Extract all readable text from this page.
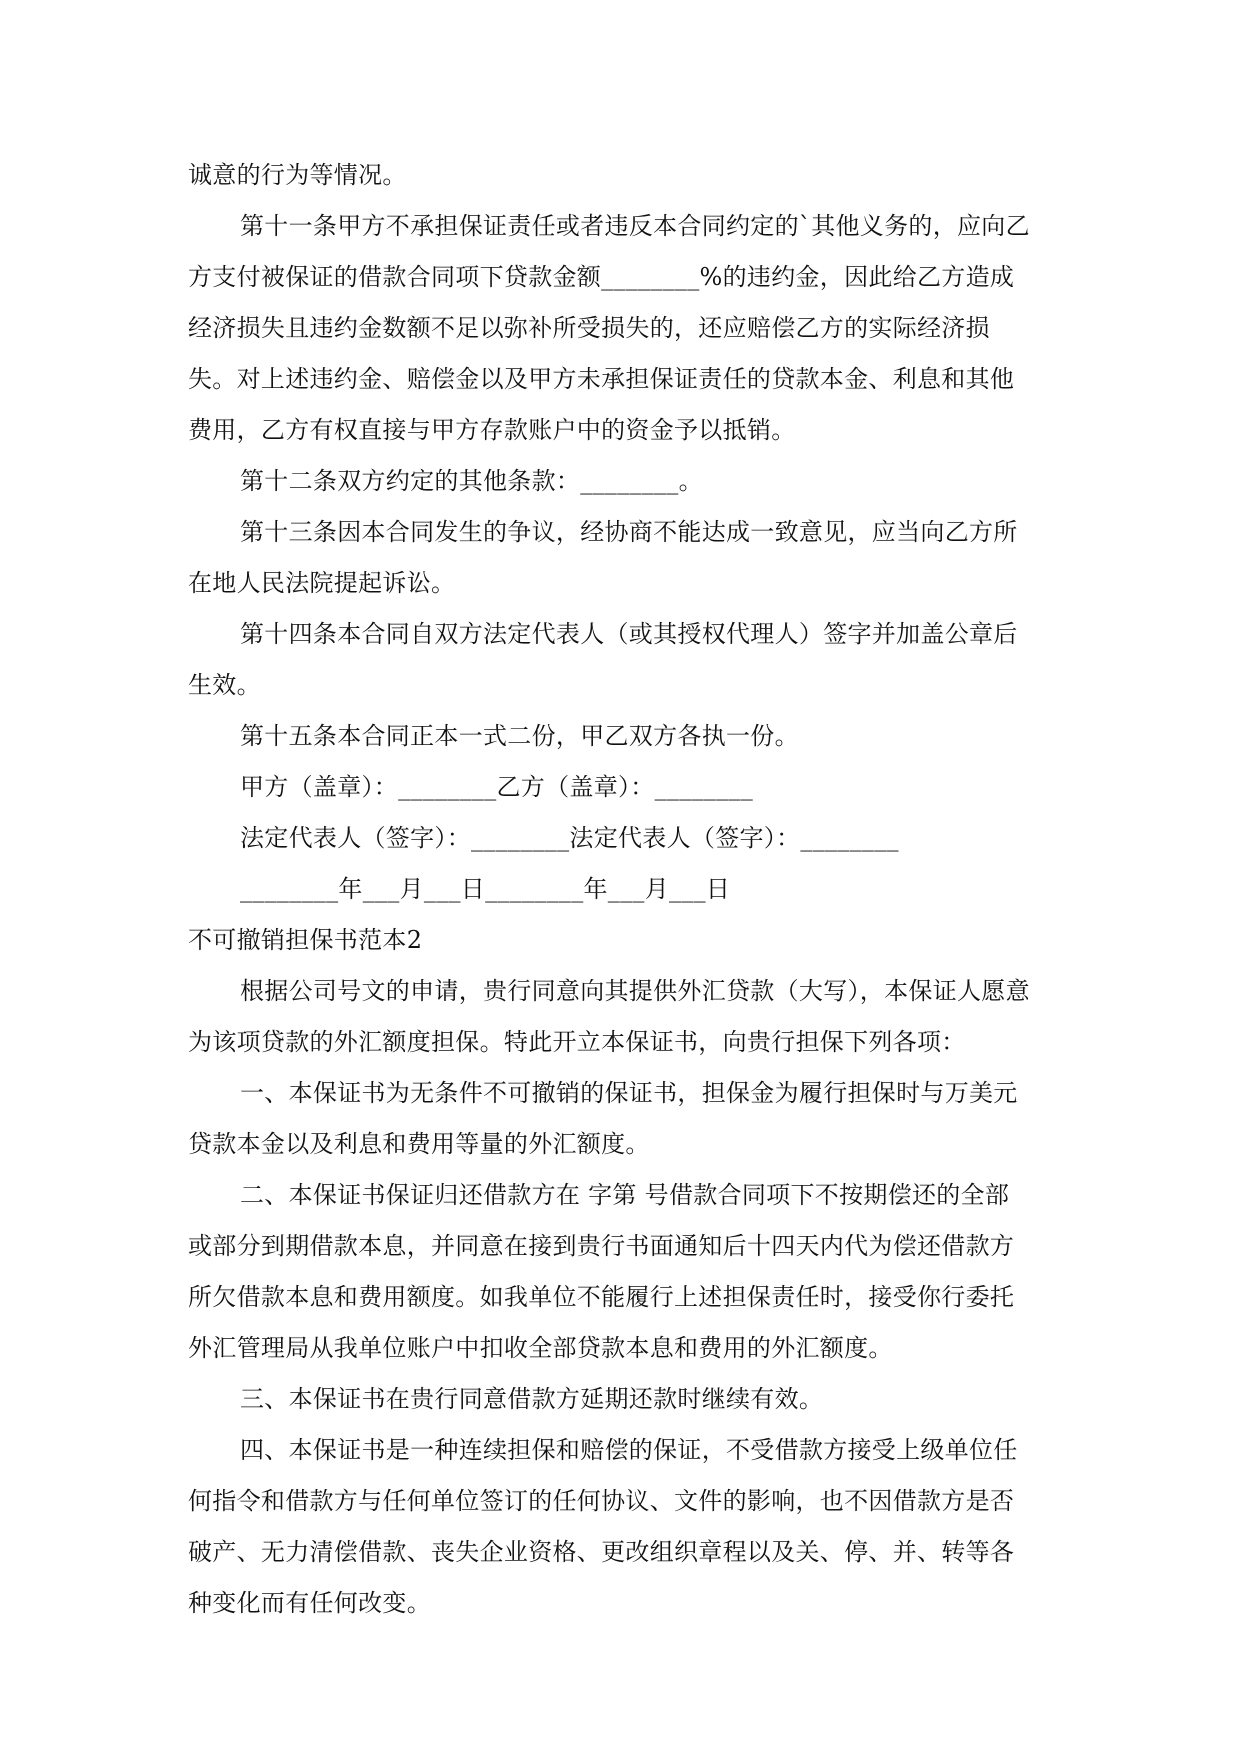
诚意的行为等情况。
第十一条甲方不承担保证责任或者违反本合同约定的`其他义务的，应向乙
方支付被保证的借款合同项下贷款金额________%的违约金，因此给乙方造成
经济损失且违约金数额不足以弥补所受损失的，还应赔偿乙方的实际经济损
失。对上述违约金、赔偿金以及甲方未承担保证责任的贷款本金、利息和其他
费用，乙方有权直接与甲方存款账户中的资金予以抵销。
第十二条双方约定的其他条款：________。
第十三条因本合同发生的争议，经协商不能达成一致意见，应当向乙方所
在地人民法院提起诉讼。
第十四条本合同自双方法定代表人（或其授权代理人）签字并加盖公章后
生效。
第十五条本合同正本一式二份，甲乙双方各执一份。
甲方（盖章）：________乙方（盖章）：________
法定代表人（签字）：________法定代表人（签字）：________
________年___月___日________年___月___日
不可撤销担保书范本2
根据公司号文的申请，贵行同意向其提供外汇贷款（大写），本保证人愿意
为该项贷款的外汇额度担保。特此开立本保证书，向贵行担保下列各项：
一、本保证书为无条件不可撤销的保证书，担保金为履行担保时与万美元
贷款本金以及利息和费用等量的外汇额度。
二、本保证书保证归还借款方在 字第 号借款合同项下不按期偿还的全部
或部分到期借款本息，并同意在接到贵行书面通知后十四天内代为偿还借款方
所欠借款本息和费用额度。如我单位不能履行上述担保责任时，接受你行委托
外汇管理局从我单位账户中扣收全部贷款本息和费用的外汇额度。
三、本保证书在贵行同意借款方延期还款时继续有效。
四、本保证书是一种连续担保和赔偿的保证，不受借款方接受上级单位任
何指令和借款方与任何单位签订的任何协议、文件的影响，也不因借款方是否
破产、无力清偿借款、丧失企业资格、更改组织章程以及关、停、并、转等各
种变化而有任何改变。
